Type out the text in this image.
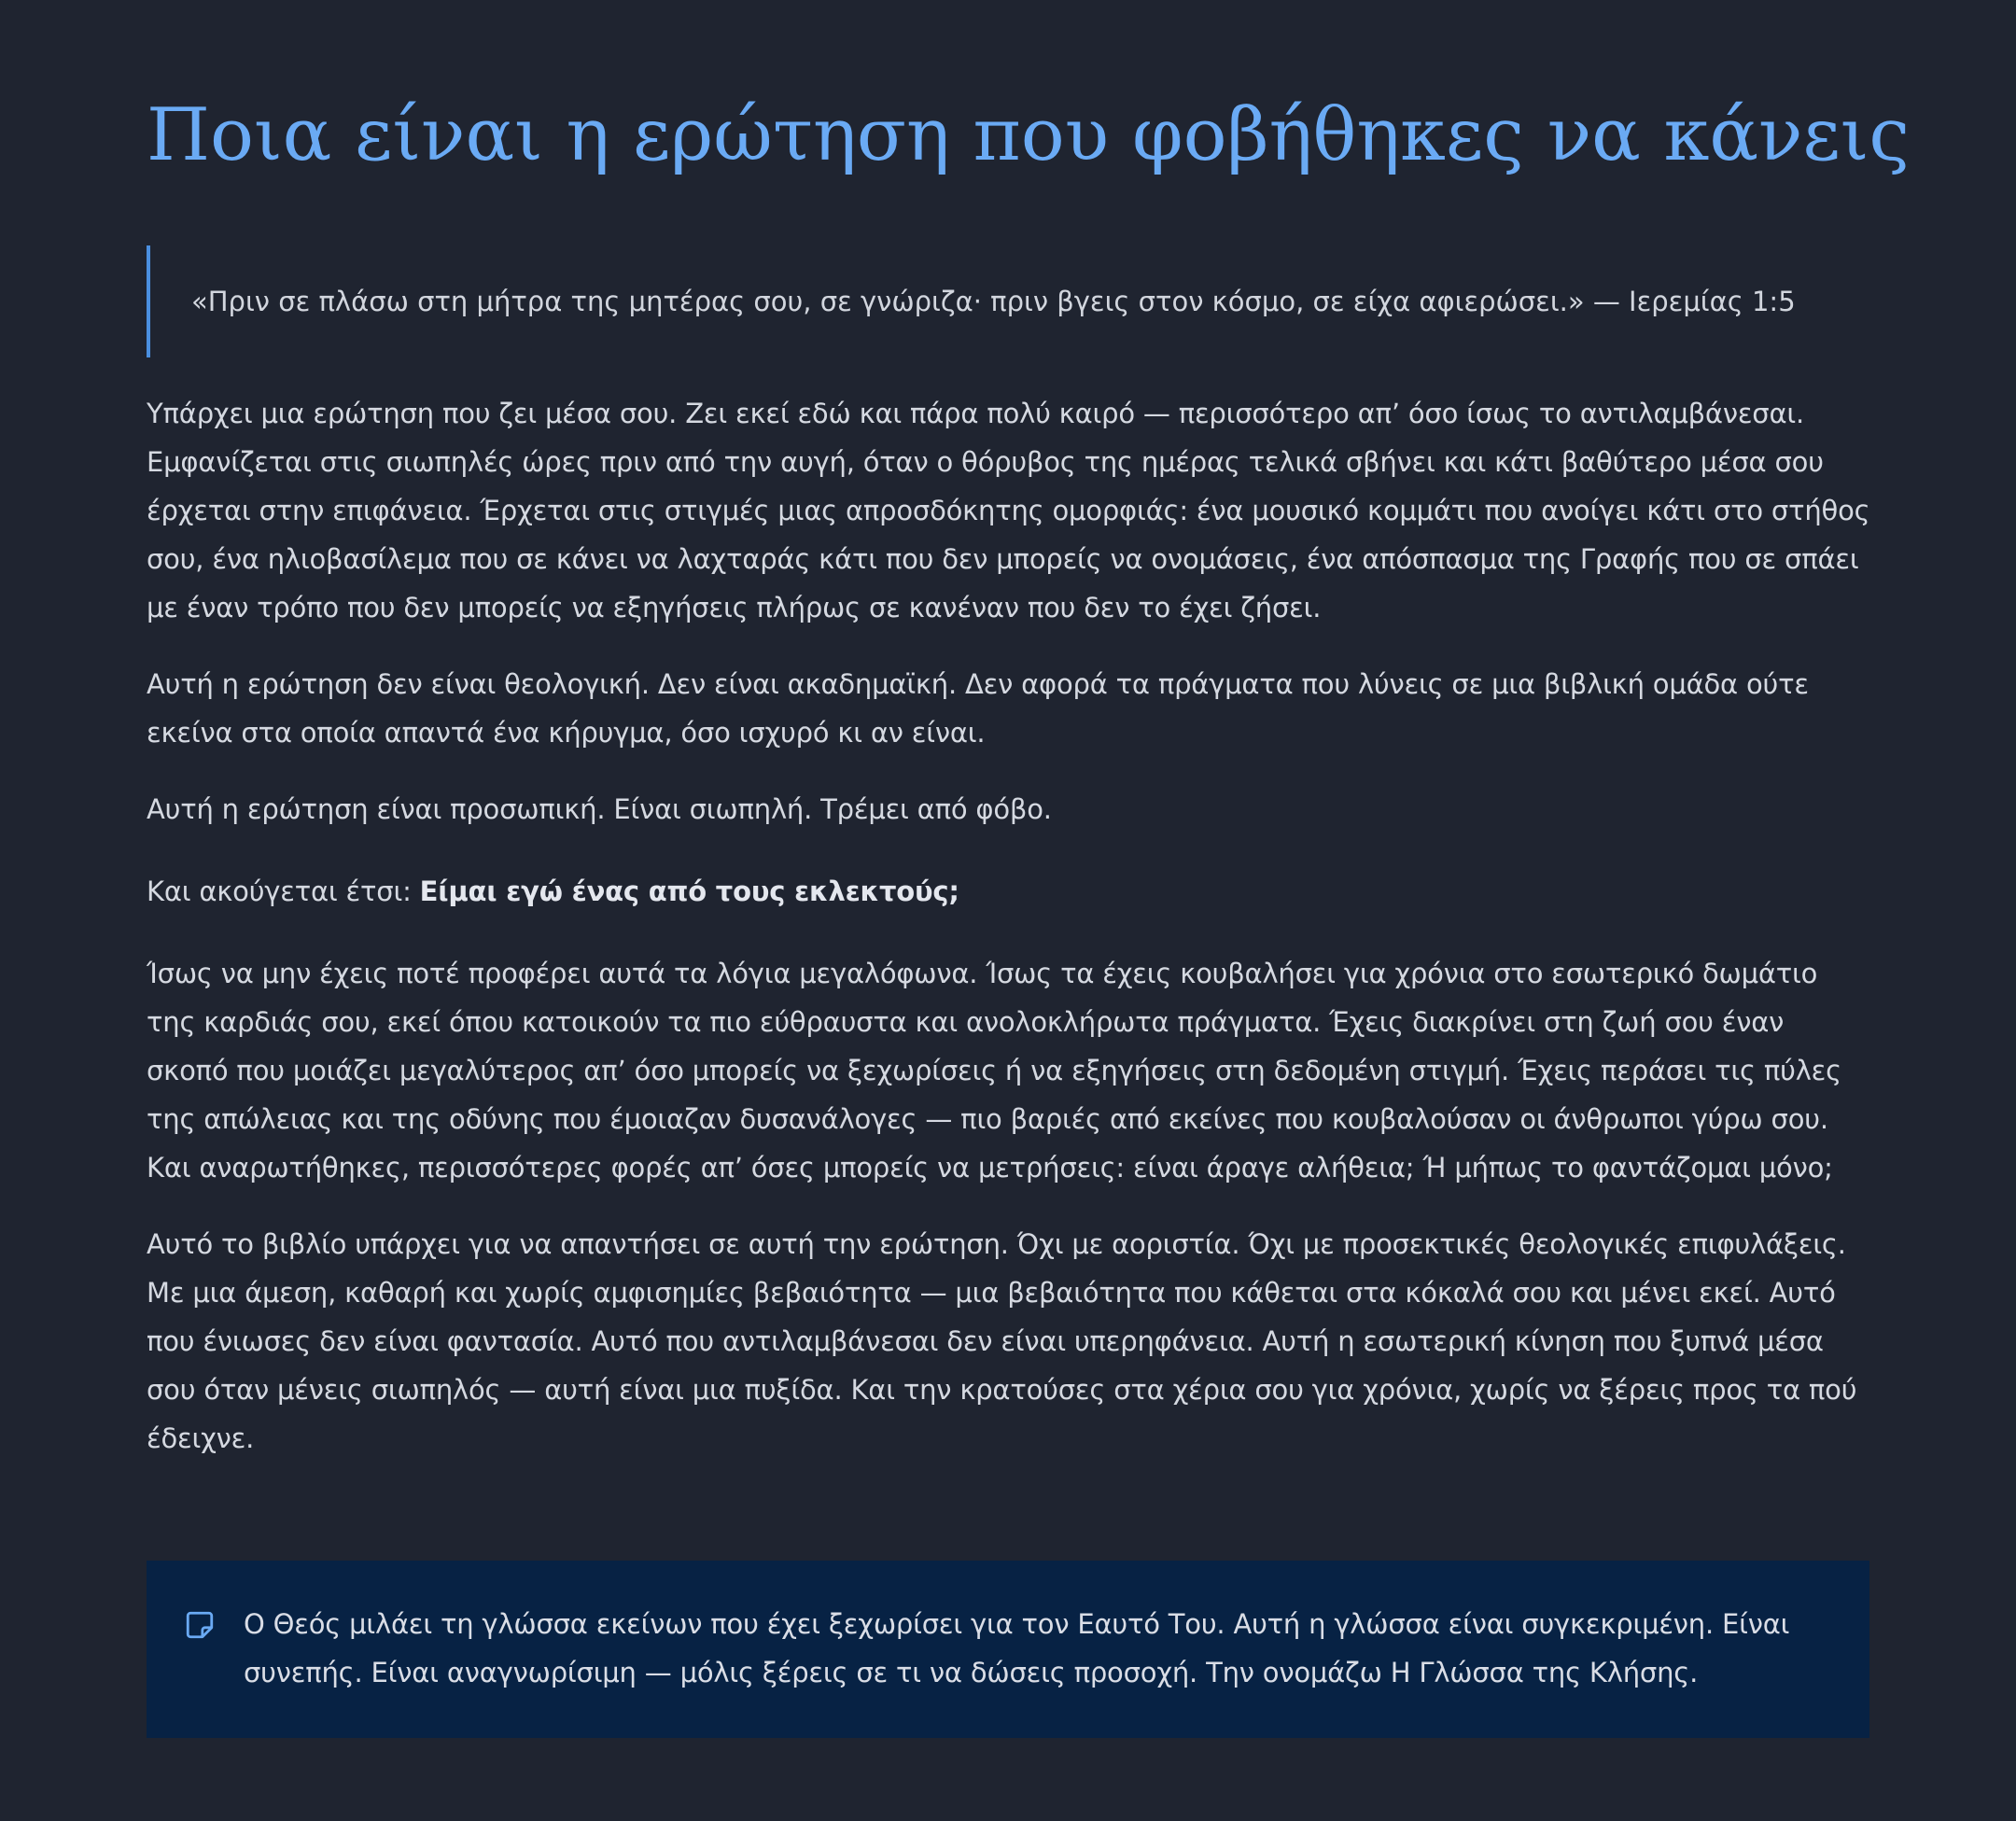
Ποια είναι η ερώτηση που φοβήθηκες να κάνεις
«Πριν σε πλάσω στη μήτρα της μητέρας σου, σε γνώριζα· πριν βγεις στον κόσμο, σε είχα αφιερώσει.» — Ιερεμίας 1:5

Υπάρχει μια ερώτηση που ζει μέσα σου. Ζει εκεί εδώ και πάρα πολύ καιρό — περισσότερο απ’ όσο ίσως το αντιλαμβάνεσαι. Εμφανίζεται στις σιωπηλές ώρες πριν από την αυγή, όταν ο θόρυβος της ημέρας τελικά σβήνει και κάτι βαθύτερο μέσα σου έρχεται στην επιφάνεια. Έρχεται στις στιγμές μιας απροσδόκητης ομορφιάς: ένα μουσικό κομμάτι που ανοίγει κάτι στο στήθος σου, ένα ηλιοβασίλεμα που σε κάνει να λαχταράς κάτι που δεν μπορείς να ονομάσεις, ένα απόσπασμα της Γραφής που σε σπάει με έναν τρόπο που δεν μπορείς να εξηγήσεις πλήρως σε κανέναν που δεν το έχει ζήσει.

Αυτή η ερώτηση δεν είναι θεολογική. Δεν είναι ακαδημαϊκή. Δεν αφορά τα πράγματα που λύνεις σε μια βιβλική ομάδα ούτε εκείνα στα οποία απαντά ένα κήρυγμα, όσο ισχυρό κι αν είναι.

Αυτή η ερώτηση είναι προσωπική. Είναι σιωπηλή. Τρέμει από φόβο.

Και ακούγεται έτσι: Είμαι εγώ ένας από τους εκλεκτούς;

Ίσως να μην έχεις ποτέ προφέρει αυτά τα λόγια μεγαλόφωνα. Ίσως τα έχεις κουβαλήσει για χρόνια στο εσωτερικό δωμάτιο της καρδιάς σου, εκεί όπου κατοικούν τα πιο εύθραυστα και ανολοκλήρωτα πράγματα. Έχεις διακρίνει στη ζωή σου έναν σκοπό που μοιάζει μεγαλύτερος απ’ όσο μπορείς να ξεχωρίσεις ή να εξηγήσεις στη δεδομένη στιγμή. Έχεις περάσει τις πύλες της απώλειας και της οδύνης που έμοιαζαν δυσανάλογες — πιο βαριές από εκείνες που κουβαλούσαν οι άνθρωποι γύρω σου. Και αναρωτήθηκες, περισσότερες φορές απ’ όσες μπορείς να μετρήσεις: είναι άραγε αλήθεια; Ή μήπως το φαντάζομαι μόνο;

Αυτό το βιβλίο υπάρχει για να απαντήσει σε αυτή την ερώτηση. Όχι με αοριστία. Όχι με προσεκτικές θεολογικές επιφυλάξεις. Με μια άμεση, καθαρή και χωρίς αμφισημίες βεβαιότητα — μια βεβαιότητα που κάθεται στα κόκαλά σου και μένει εκεί. Αυτό που ένιωσες δεν είναι φαντασία. Αυτό που αντιλαμβάνεσαι δεν είναι υπερηφάνεια. Αυτή η εσωτερική κίνηση που ξυπνά μέσα σου όταν μένεις σιωπηλός — αυτή είναι μια πυξίδα. Και την κρατούσες στα χέρια σου για χρόνια, χωρίς να ξέρεις προς τα πού έδειχνε.

Ο Θεός μιλάει τη γλώσσα εκείνων που έχει ξεχωρίσει για τον Εαυτό Του. Αυτή η γλώσσα είναι συγκεκριμένη. Είναι συνεπής. Είναι αναγνωρίσιμη — μόλις ξέρεις σε τι να δώσεις προσοχή. Την ονομάζω Η Γλώσσα της Κλήσης.
